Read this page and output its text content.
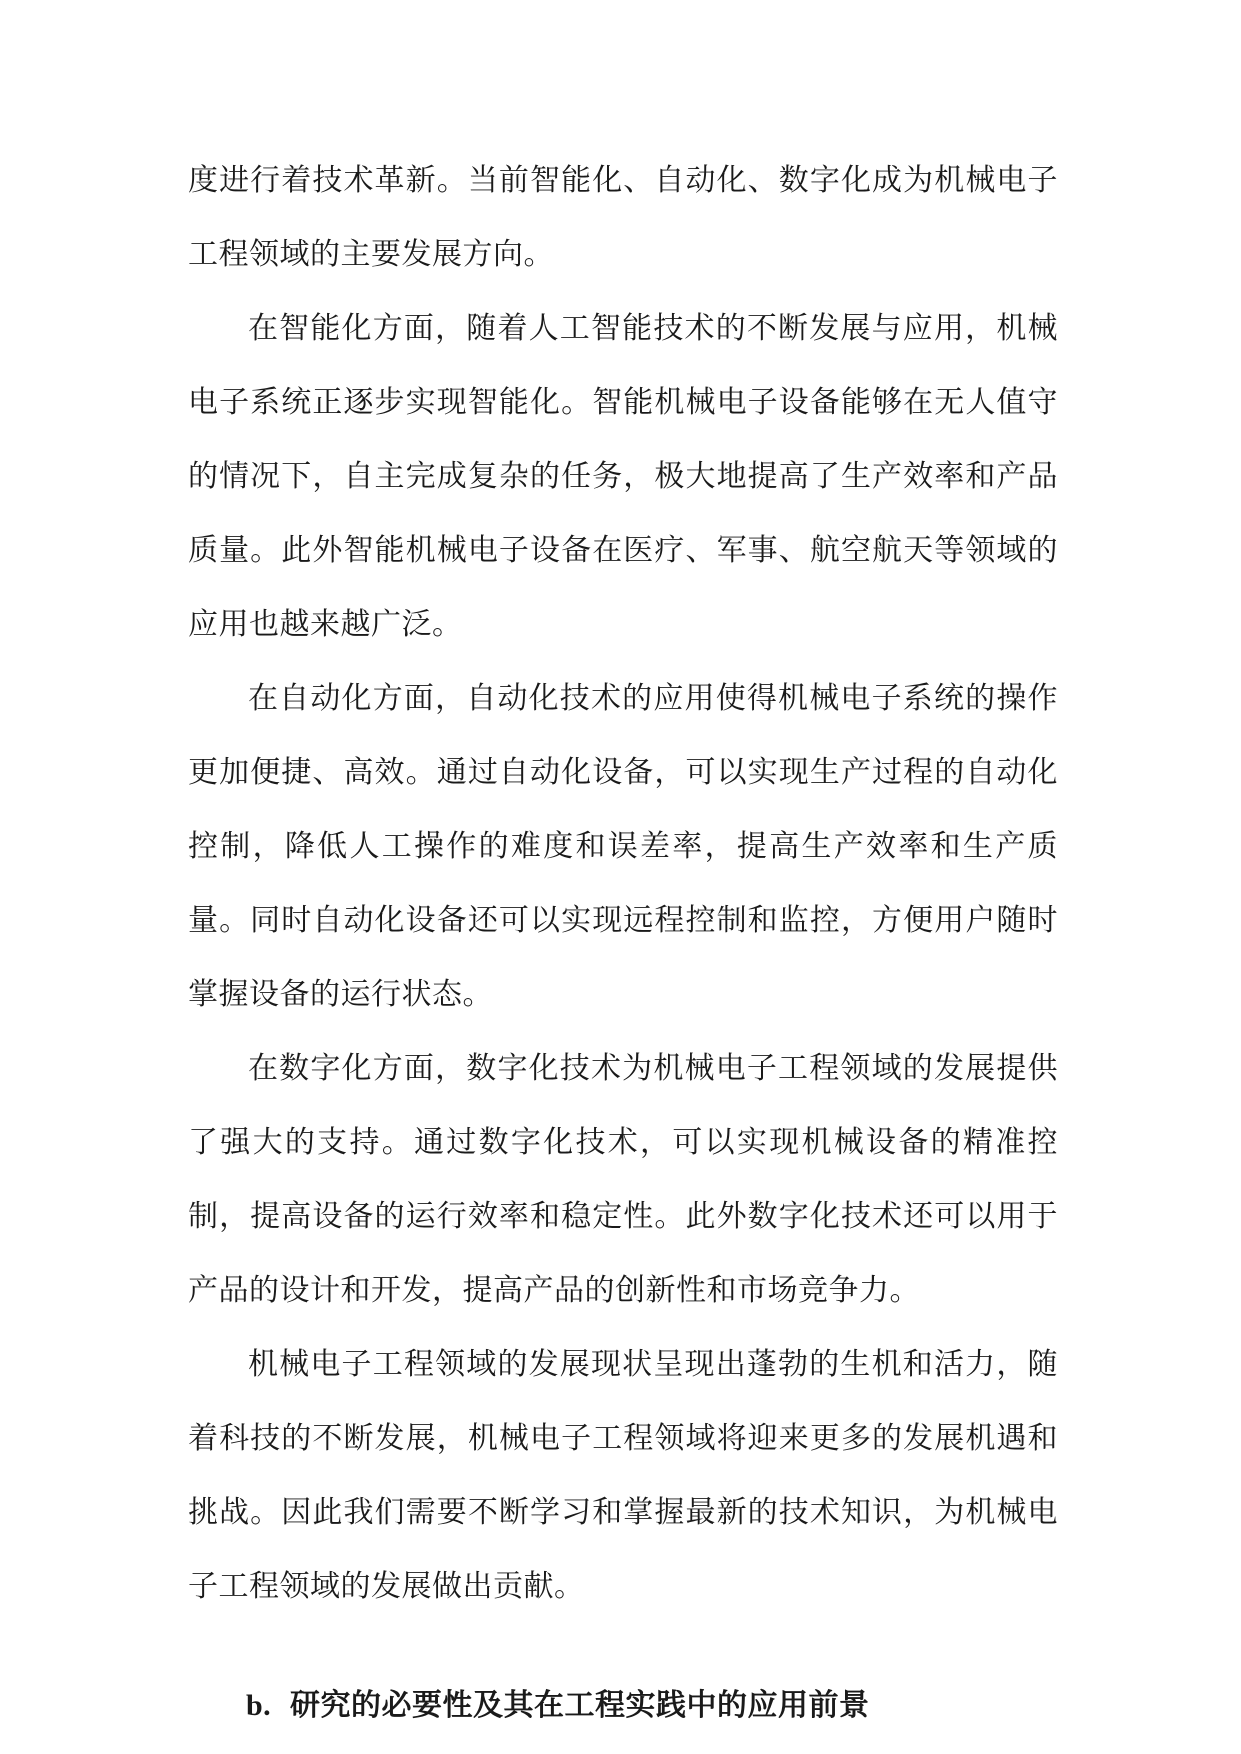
度进行着技术革新。当前智能化、自动化、数字化成为机械电子工程领域的主要发展方向。

在智能化方面，随着人工智能技术的不断发展与应用，机械电子系统正逐步实现智能化。智能机械电子设备能够在无人值守的情况下，自主完成复杂的任务，极大地提高了生产效率和产品质量。此外智能机械电子设备在医疗、军事、航空航天等领域的应用也越来越广泛。

在自动化方面，自动化技术的应用使得机械电子系统的操作更加便捷、高效。通过自动化设备，可以实现生产过程的自动化控制，降低人工操作的难度和误差率，提高生产效率和生产质量。同时自动化设备还可以实现远程控制和监控，方便用户随时掌握设备的运行状态。

在数字化方面，数字化技术为机械电子工程领域的发展提供了强大的支持。通过数字化技术，可以实现机械设备的精准控制，提高设备的运行效率和稳定性。此外数字化技术还可以用于产品的设计和开发，提高产品的创新性和市场竞争力。

机械电子工程领域的发展现状呈现出蓬勃的生机和活力，随着科技的不断发展，机械电子工程领域将迎来更多的发展机遇和挑战。因此我们需要不断学习和掌握最新的技术知识，为机械电子工程领域的发展做出贡献。

b. 研究的必要性及其在工程实践中的应用前景
